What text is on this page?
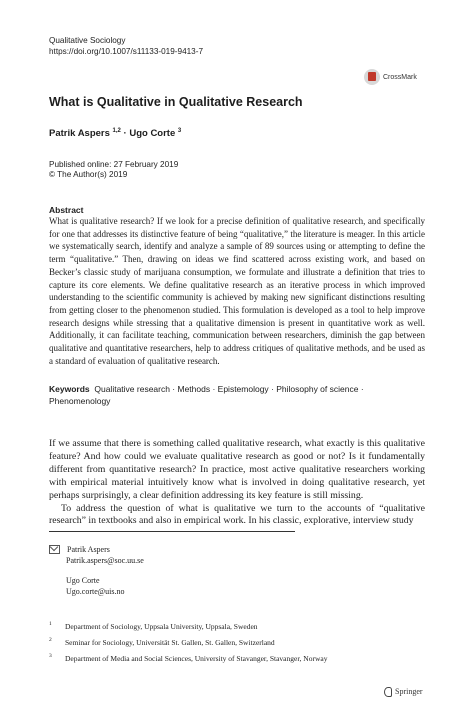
Qualitative Sociology
https://doi.org/10.1007/s11133-019-9413-7
CrossMark
What is Qualitative in Qualitative Research
Patrik Aspers $^{1,2}$ · Ugo Corte $^3$
Published online: 27 February 2019
© The Author(s) 2019
Abstract
What is qualitative research? If we look for a precise definition of qualitative research, and specifically for one that addresses its distinctive feature of being “qualitative,” the literature is meager. In this article we systematically search, identify and analyze a sample of 89 sources using or attempting to define the term “qualitative.” Then, drawing on ideas we find scattered across existing work, and based on Becker’s classic study of marijuana consumption, we formulate and illustrate a definition that tries to capture its core elements. We define qualitative research as an iterative process in which improved understanding to the scientific community is achieved by making new significant distinctions resulting from getting closer to the phenomenon studied. This formulation is developed as a tool to help improve research designs while stressing that a qualitative dimension is present in quantitative work as well. Additionally, it can facilitate teaching, communication between researchers, diminish the gap between qualitative and quantitative researchers, help to address critiques of qualitative methods, and be used as a standard of evaluation of qualitative research.
Keywords Qualitative research · Methods · Epistemology · Philosophy of science · Phenomenology

If we assume that there is something called qualitative research, what exactly is this qualitative feature? And how could we evaluate qualitative research as good or not? Is it fundamentally different from quantitative research? In practice, most active qualitative researchers working with empirical material intuitively know what is involved in doing qualitative research, yet perhaps surprisingly, a clear definition addressing its key feature is still missing.

To address the question of what is qualitative we turn to the accounts of “qualitative research” in textbooks and also in empirical work. In his classic, explorative, interview study

Patrik Aspers
Patrik.aspers@soc.uu.se
Ugo Corte
Ugo.corte@uis.no
1 Department of Sociology, Uppsala University, Uppsala, Sweden
2 Seminar for Sociology, Universität St. Gallen, St. Gallen, Switzerland
3 Department of Media and Social Sciences, University of Stavanger, Stavanger, Norway
Springer
